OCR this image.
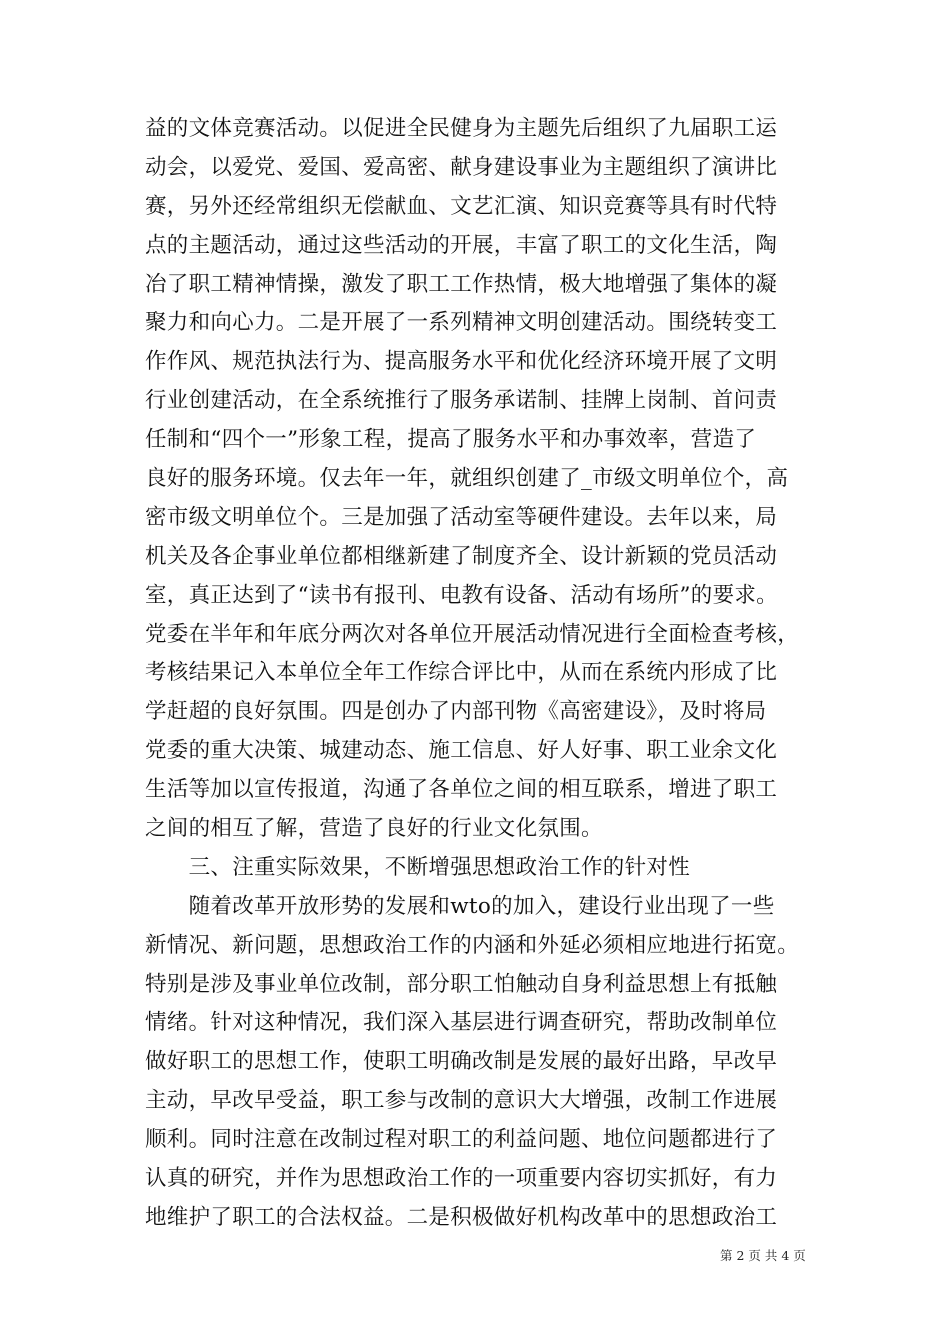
益的文体竞赛活动。以促进全民健身为主题先后组织了九届职工运
动会，以爱党、爱国、爱高密、献身建设事业为主题组织了演讲比
赛，另外还经常组织无偿献血、文艺汇演、知识竞赛等具有时代特
点的主题活动，通过这些活动的开展，丰富了职工的文化生活，陶
冶了职工精神情操，激发了职工工作热情，极大地增强了集体的凝
聚力和向心力。二是开展了一系列精神文明创建活动。围绕转变工
作作风、规范执法行为、提高服务水平和优化经济环境开展了文明
行业创建活动，在全系统推行了服务承诺制、挂牌上岗制、首问责
任制和“四个一”形象工程，提高了服务水平和办事效率，营造了
良好的服务环境。仅去年一年，就组织创建了_市级文明单位个，高
密市级文明单位个。三是加强了活动室等硬件建设。去年以来，局
机关及各企事业单位都相继新建了制度齐全、设计新颖的党员活动
室，真正达到了“读书有报刊、电教有设备、活动有场所”的要求。
党委在半年和年底分两次对各单位开展活动情况进行全面检查考核，
考核结果记入本单位全年工作综合评比中，从而在系统内形成了比
学赶超的良好氛围。四是创办了内部刊物《高密建设》，及时将局
党委的重大决策、城建动态、施工信息、好人好事、职工业余文化
生活等加以宣传报道，沟通了各单位之间的相互联系，增进了职工
之间的相互了解，营造了良好的行业文化氛围。
　　三、注重实际效果，不断增强思想政治工作的针对性
　　随着改革开放形势的发展和wto的加入，建设行业出现了一些
新情况、新问题，思想政治工作的内涵和外延必须相应地进行拓宽。
特别是涉及事业单位改制，部分职工怕触动自身利益思想上有抵触
情绪。针对这种情况，我们深入基层进行调查研究，帮助改制单位
做好职工的思想工作，使职工明确改制是发展的最好出路，早改早
主动，早改早受益，职工参与改制的意识大大增强，改制工作进展
顺利。同时注意在改制过程对职工的利益问题、地位问题都进行了
认真的研究，并作为思想政治工作的一项重要内容切实抓好，有力
地维护了职工的合法权益。二是积极做好机构改革中的思想政治工
第 2 页 共 4 页
